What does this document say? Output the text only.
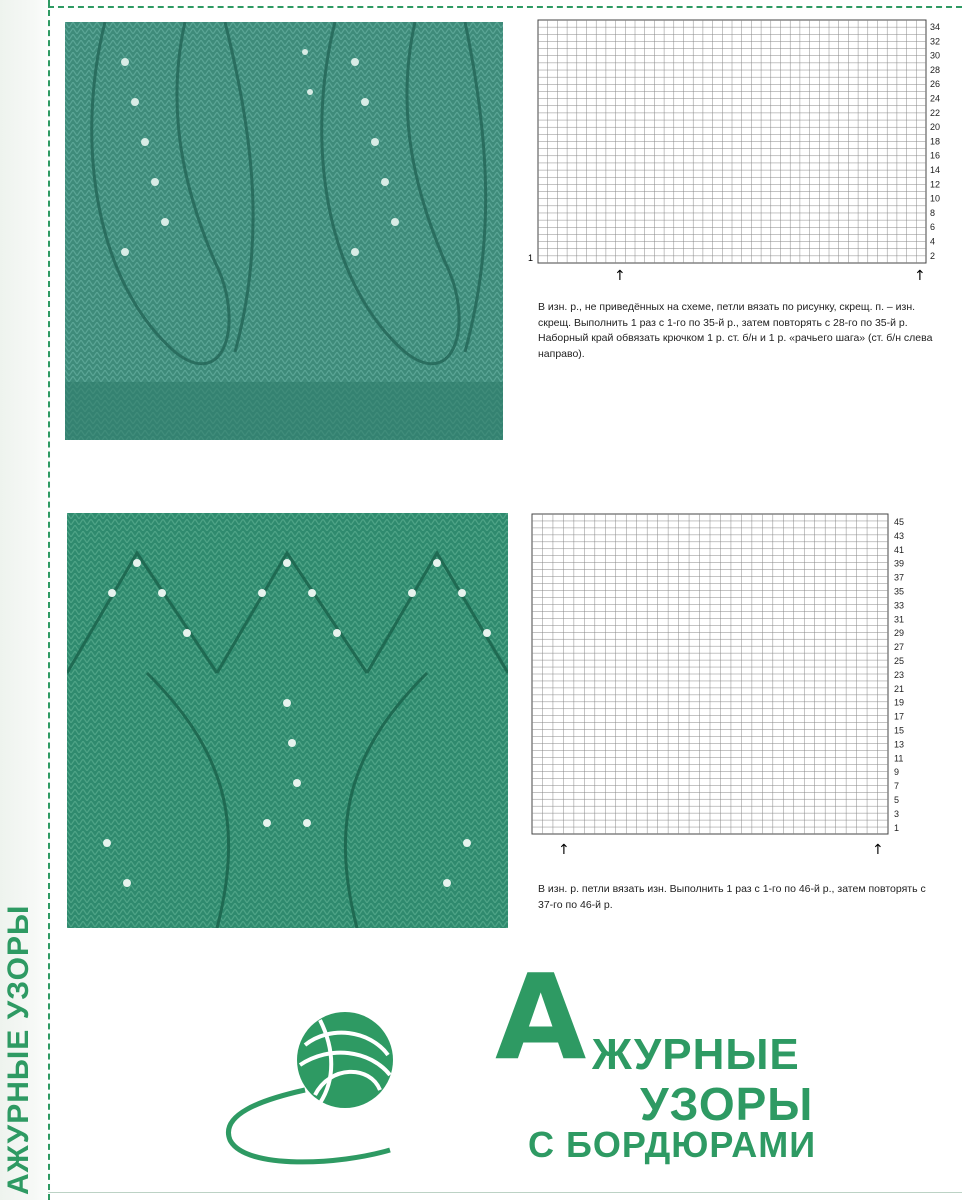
АЖУРНЫЕ УЗОРЫ
34
32
30
28
26
24
22
20
18
16
14
12
10
8
6
4
2
1
↑	↑
В изн. р., не приведённых на схеме, петли вязать по рисунку, скрещ. п. – изн. скрещ. Выполнить 1 раз с 1-го по 35-й р., затем повторять с 28-го по 35-й р. Наборный край обвязать крючком 1 р. ст. б/н и 1 р. «рачьего шага» (ст. б/н слева направо).
45
43
41
39
37
35
33
31
29
27
25
23
21
19
17
15
13
11
9
7
5
3
1
↑	↑
В изн. р. петли вязать изн. Выполнить 1 раз с 1-го по 46-й р., затем повторять с 37-го по 46-й р.
А ЖУРНЫЕ
УЗОРЫ
С БОРДЮРАМИ
